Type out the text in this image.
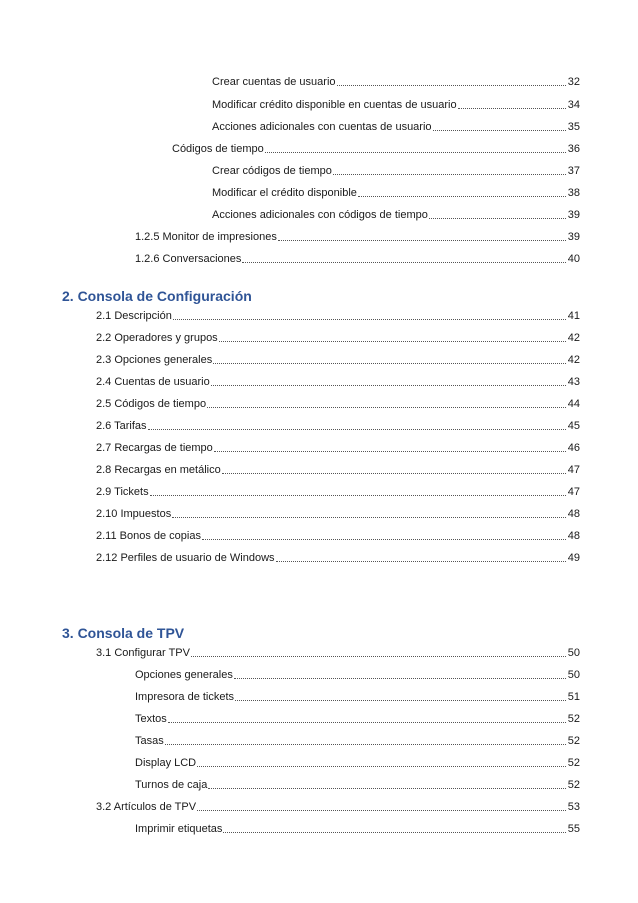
Crear cuentas de usuario	32
Modificar crédito disponible en cuentas de usuario	34
Acciones adicionales con cuentas de usuario	35
Códigos de tiempo	36
Crear códigos de tiempo	37
Modificar el crédito disponible	38
Acciones adicionales con códigos de tiempo	39
1.2.5 Monitor de impresiones	39
1.2.6 Conversaciones	40
2. Consola de Configuración
2.1 Descripción	41
2.2 Operadores y grupos	42
2.3 Opciones generales	42
2.4 Cuentas de usuario	43
2.5 Códigos de tiempo	44
2.6 Tarifas	45
2.7 Recargas de tiempo	46
2.8 Recargas en metálico	47
2.9 Tickets	47
2.10 Impuestos	48
2.11 Bonos de copias	48
2.12 Perfiles de usuario de Windows	49
3. Consola de TPV
3.1 Configurar TPV	50
Opciones generales	50
Impresora de tickets	51
Textos	52
Tasas	52
Display LCD	52
Turnos de caja	52
3.2 Artículos de TPV	53
Imprimir etiquetas	55
